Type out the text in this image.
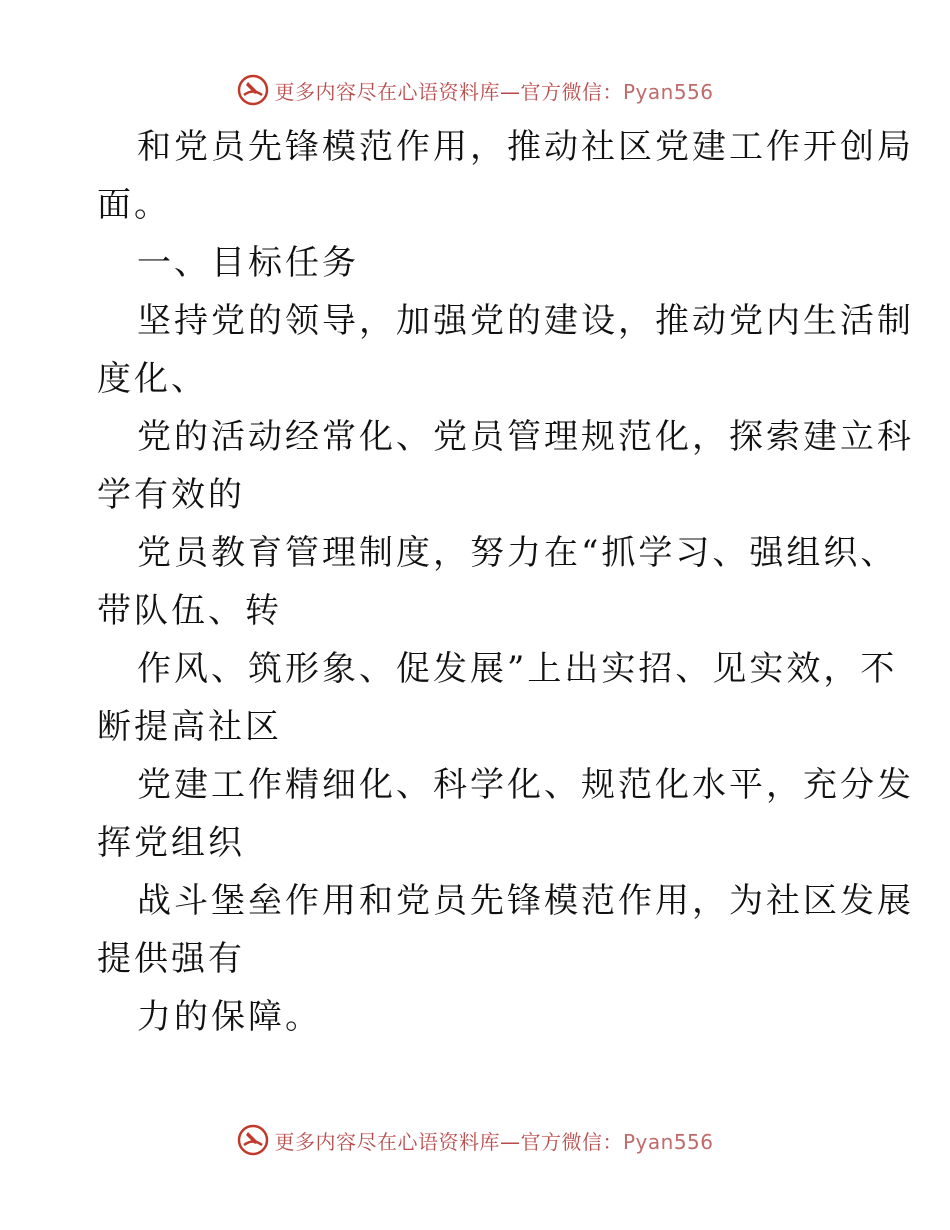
更多内容尽在心语资料库—官方微信：Pyan556
和党员先锋模范作用，推动社区党建工作开创局
面。
一、目标任务
坚持党的领导，加强党的建设，推动党内生活制
度化、
党的活动经常化、党员管理规范化，探索建立科
学有效的
党员教育管理制度，努力在“抓学习、强组织、
带队伍、转
作风、筑形象、促发展”上出实招、见实效，不
断提高社区
党建工作精细化、科学化、规范化水平，充分发
挥党组织
战斗堡垒作用和党员先锋模范作用，为社区发展
提供强有
力的保障。
更多内容尽在心语资料库—官方微信：Pyan556
